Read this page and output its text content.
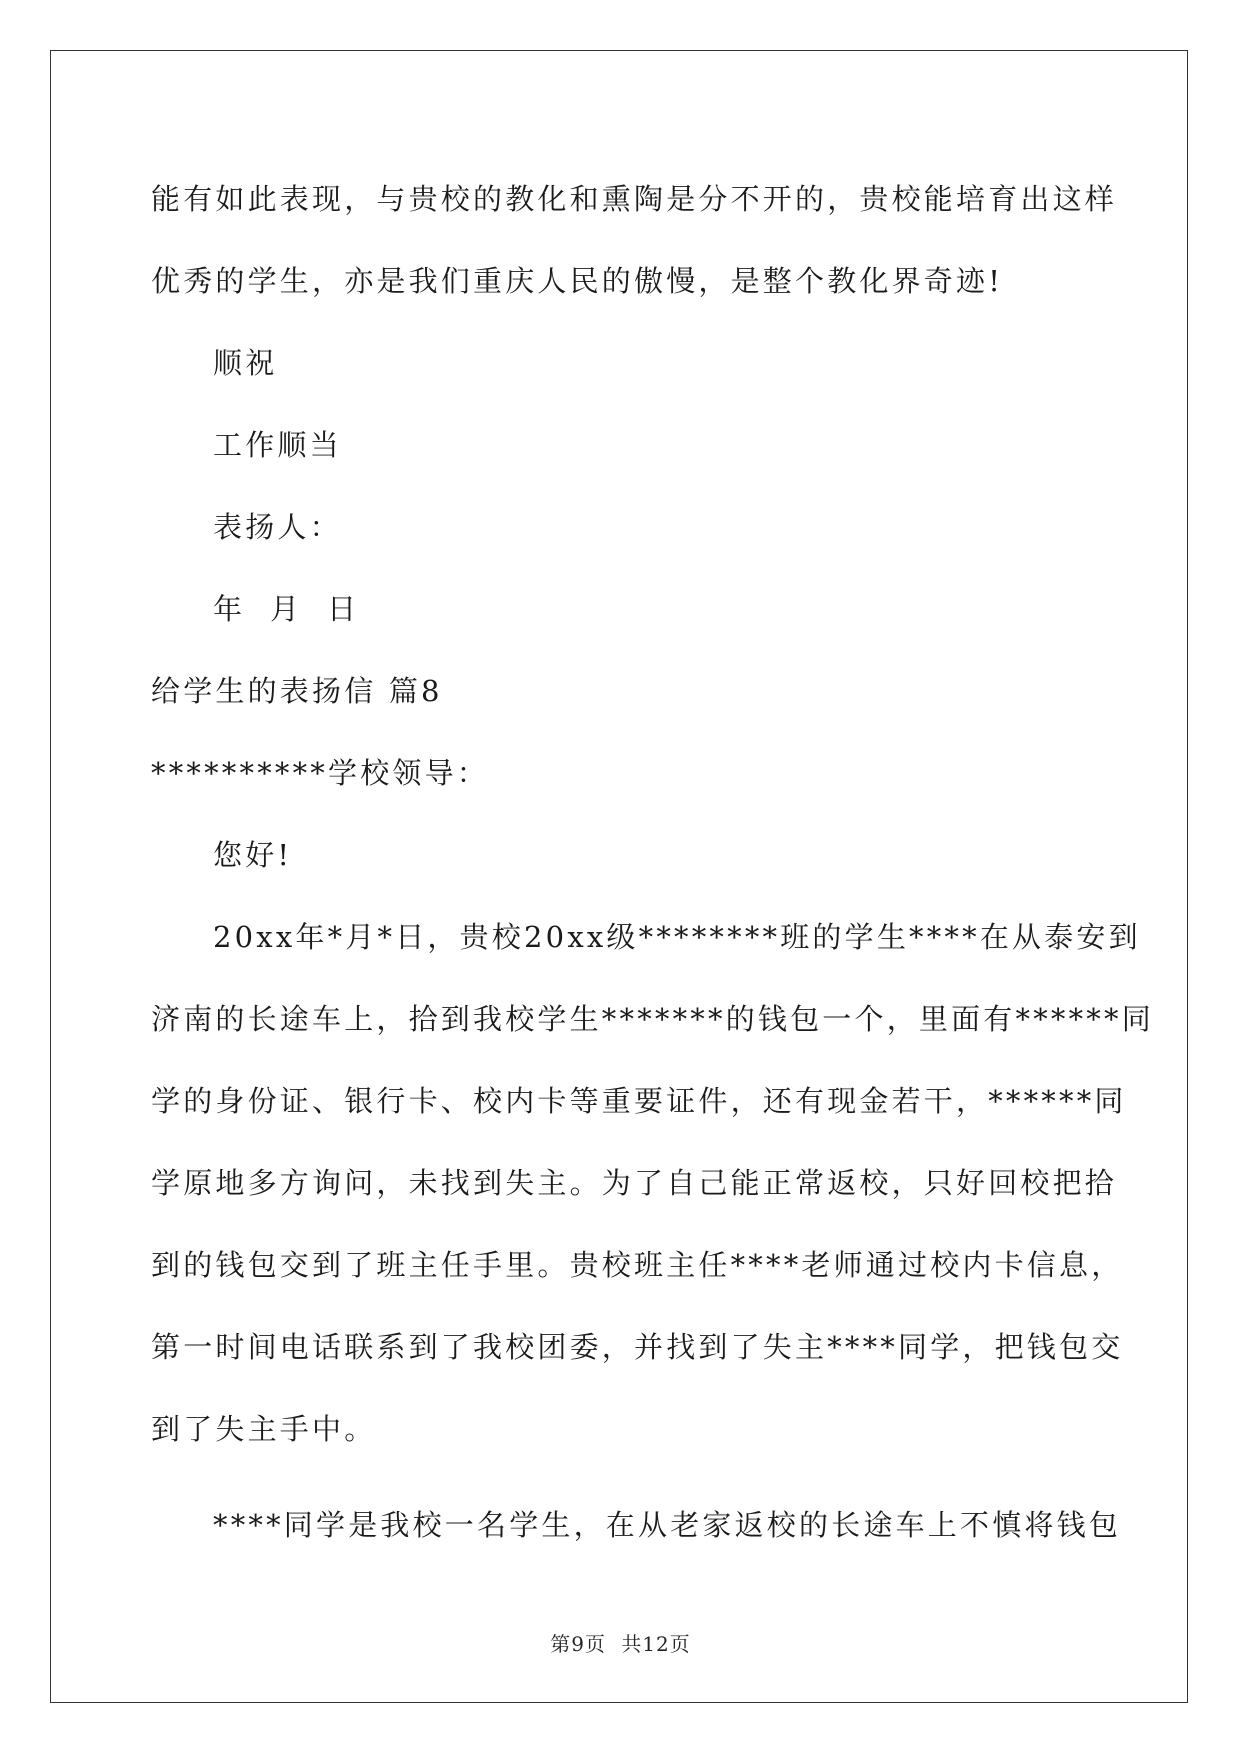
能有如此表现，与贵校的教化和熏陶是分不开的，贵校能培育出这样
优秀的学生，亦是我们重庆人民的傲慢，是整个教化界奇迹!
顺祝
工作顺当
表扬人：
年  月  日
给学生的表扬信 篇8
**********学校领导：
您好!
20xx年*月*日，贵校20xx级********班的学生****在从泰安到
济南的长途车上，拾到我校学生*******的钱包一个，里面有******同
学的身份证、银行卡、校内卡等重要证件，还有现金若干，******同
学原地多方询问，未找到失主。为了自己能正常返校，只好回校把拾
到的钱包交到了班主任手里。贵校班主任****老师通过校内卡信息，
第一时间电话联系到了我校团委，并找到了失主****同学，把钱包交
到了失主手中。
****同学是我校一名学生，在从老家返校的长途车上不慎将钱包
第9页 共12页
